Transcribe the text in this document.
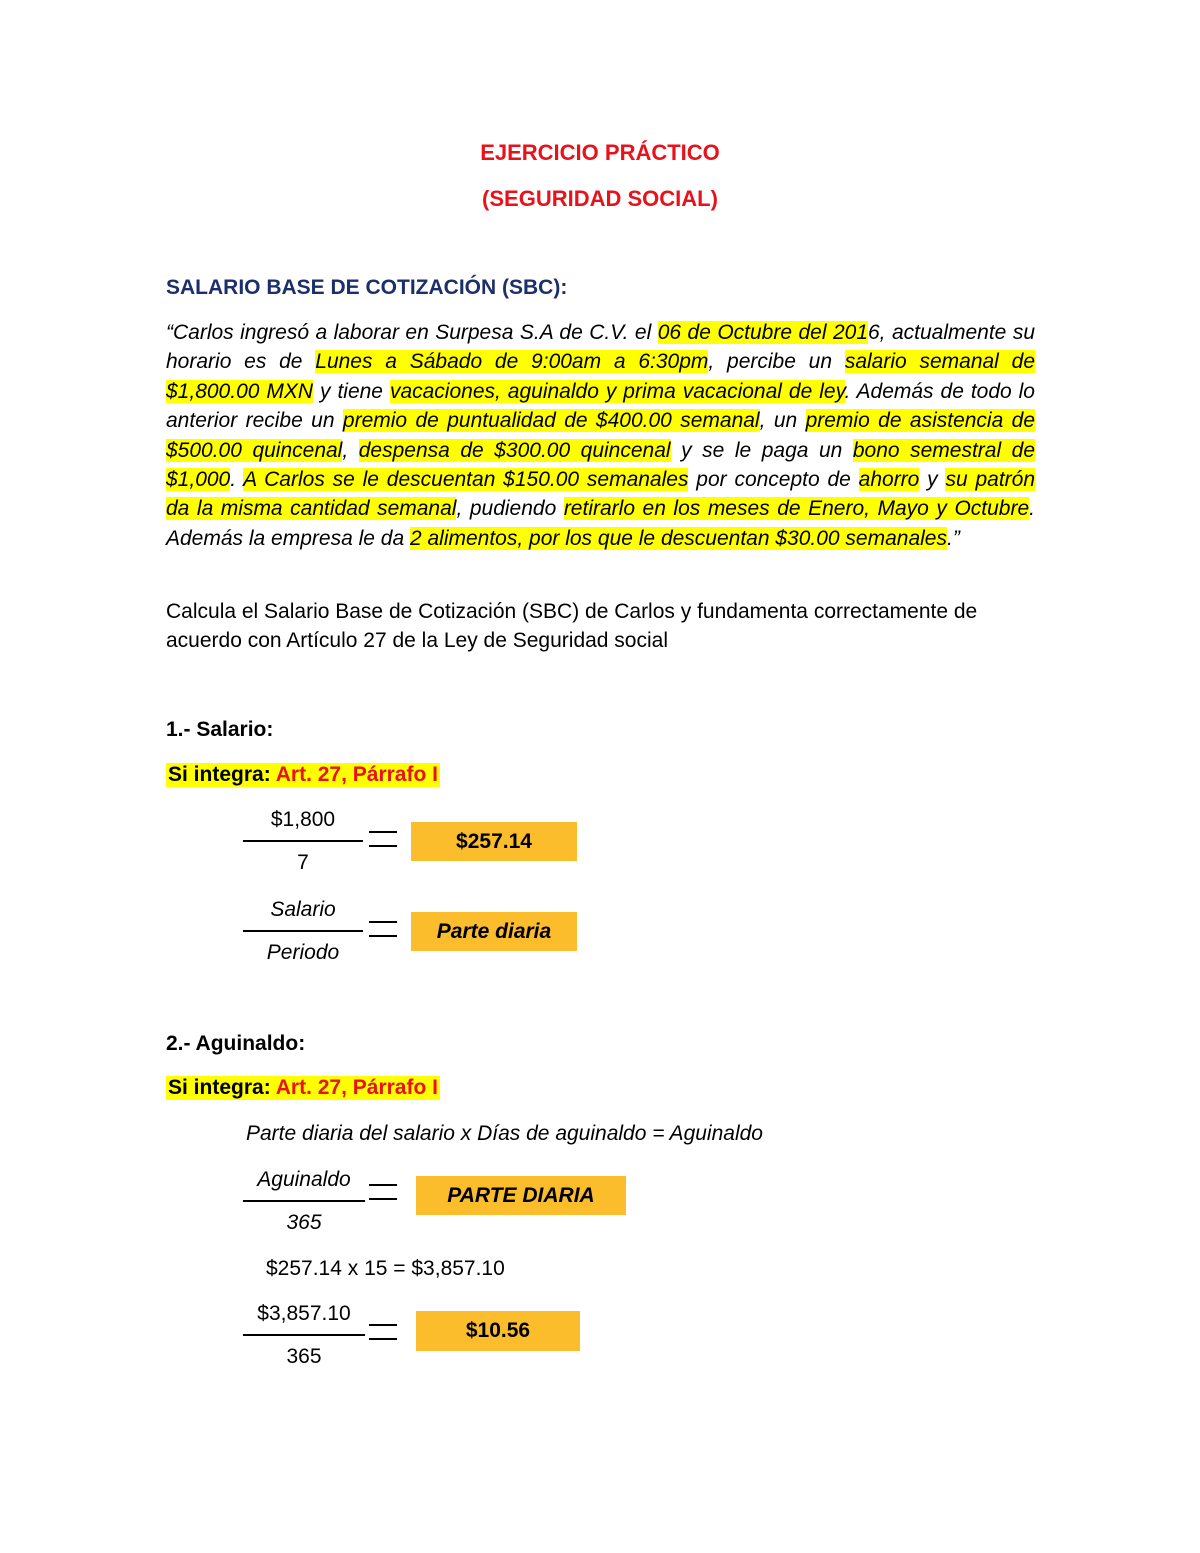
EJERCICIO PRÁCTICO
(SEGURIDAD SOCIAL)
SALARIO BASE DE COTIZACIÓN (SBC):
“Carlos ingresó a laborar en Surpesa S.A de C.V. el 06 de Octubre del 2016, actualmente su horario es de Lunes a Sábado de 9:00am a 6:30pm, percibe un salario semanal de $1,800.00 MXN y tiene vacaciones, aguinaldo y prima vacacional de ley. Además de todo lo anterior recibe un premio de puntualidad de $400.00 semanal, un premio de asistencia de $500.00 quincenal, despensa de $300.00 quincenal y se le paga un bono semestral de $1,000. A Carlos se le descuentan $150.00 semanales por concepto de ahorro y su patrón da la misma cantidad semanal, pudiendo retirarlo en los meses de Enero, Mayo y Octubre. Además la empresa le da 2 alimentos, por los que le descuentan $30.00 semanales.”
Calcula el Salario Base de Cotización (SBC) de Carlos y fundamenta correctamente de acuerdo con Artículo 27 de la Ley de Seguridad social
1.- Salario:
Si integra: Art. 27, Párrafo I
$1,800
7
$257.14
Salario
Periodo
Parte diaria
2.- Aguinaldo:
Si integra: Art. 27, Párrafo I
Parte diaria del salario x Días de aguinaldo = Aguinaldo
Aguinaldo
365
PARTE DIARIA
$257.14 x 15 = $3,857.10
$3,857.10
365
$10.56
